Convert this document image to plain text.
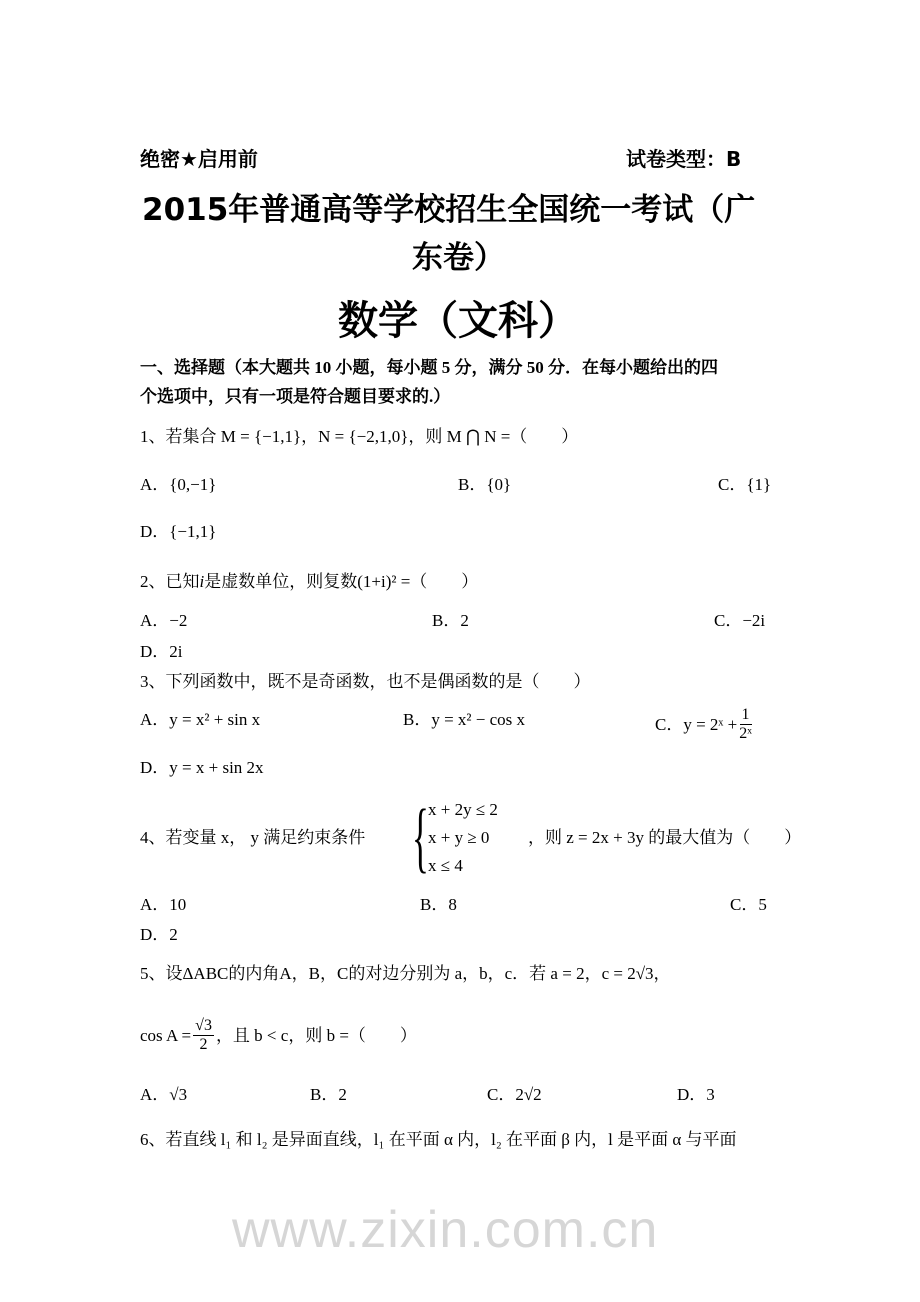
www.zixin.com.cn
绝密★启用前	试卷类型：B
2015年普通高等学校招生全国统一考试（广
东卷）
数学（文科）
一、选择题（本大题共 10 小题，每小题 5 分，满分 50 分．在每小题给出的四
个选项中，只有一项是符合题目要求的.）
1、若集合 M = {−1,1}，N = {−2,1,0}，则 M ⋂ N =（　　）
A．{0,−1}	B．{0}	C．{1}
D．{−1,1}
2、已知i是虚数单位，则复数(1+i)² =（　　）
A．−2	B．2	C．−2i
D．2i
3、下列函数中，既不是奇函数，也不是偶函数的是（　　）
A．y = x² + sin x	B．y = x² − cos x	C．y = 2ˣ + $\frac{1}{\text{2ˣ}}$
D．y = x + sin 2x
4、若变量 x， y 满足约束条件 { x + 2y ≤ 2
x + y ≥ 0
x ≤ 4
，则 z = 2x + 3y 的最大值为（　　）
A．10	B．8	C．5
D．2
5、设ΔABC的内角A，B，C的对边分别为 a，b，c．若 a = 2，c = 2√3，
$\cos A = \frac{√3}{2}$ ，且 b < c，则 b =（　　）
A．√3	B．2	C．2√2	D．3
6、若直线 l₁ 和 l₂ 是异面直线，l₁ 在平面 α 内，l₂ 在平面 β 内，l 是平面 α 与平面
